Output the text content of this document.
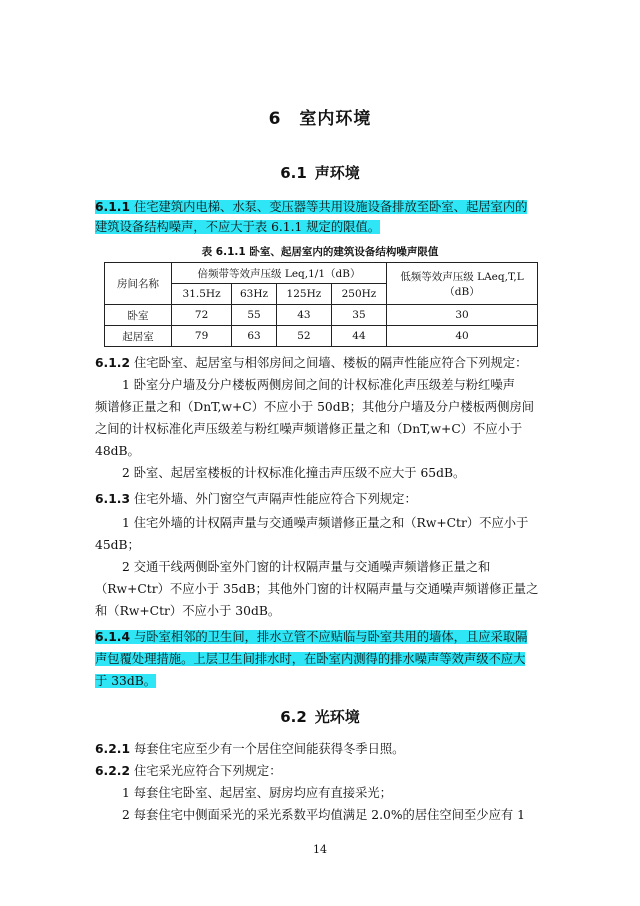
6 室内环境
6.1 声环境
6.1.1 住宅建筑内电梯、水泵、变压器等共用设施设备排放至卧室、起居室内的
建筑设备结构噪声，不应大于表 6.1.1 规定的限值。
表 6.1.1 卧室、起居室内的建筑设备结构噪声限值
房间名称	倍频带等效声压级 Leq,1/1（dB）				低频等效声压级 LAeq,T,L（dB）
	31.5Hz	63Hz	125Hz	250Hz	
卧室	72	55	43	35	30
起居室	79	63	52	44	40
6.1.2 住宅卧室、起居室与相邻房间之间墙、楼板的隔声性能应符合下列规定：
1 卧室分户墙及分户楼板两侧房间之间的计权标准化声压级差与粉红噪声
频谱修正量之和（DnT,w+C）不应小于 50dB；其他分户墙及分户楼板两侧房间
之间的计权标准化声压级差与粉红噪声频谱修正量之和（DnT,w+C）不应小于
48dB。
2 卧室、起居室楼板的计权标准化撞击声压级不应大于 65dB。
6.1.3 住宅外墙、外门窗空气声隔声性能应符合下列规定：
1 住宅外墙的计权隔声量与交通噪声频谱修正量之和（Rw+Ctr）不应小于
45dB；
2 交通干线两侧卧室外门窗的计权隔声量与交通噪声频谱修正量之和
（Rw+Ctr）不应小于 35dB；其他外门窗的计权隔声量与交通噪声频谱修正量之
和（Rw+Ctr）不应小于 30dB。
6.1.4 与卧室相邻的卫生间，排水立管不应贴临与卧室共用的墙体，且应采取隔
声包覆处理措施。上层卫生间排水时，在卧室内测得的排水噪声等效声级不应大
于 33dB。
6.2 光环境
6.2.1 每套住宅应至少有一个居住空间能获得冬季日照。
6.2.2 住宅采光应符合下列规定：
1 每套住宅卧室、起居室、厨房均应有直接采光；
2 每套住宅中侧面采光的采光系数平均值满足 2.0%的居住空间至少应有 1
14
